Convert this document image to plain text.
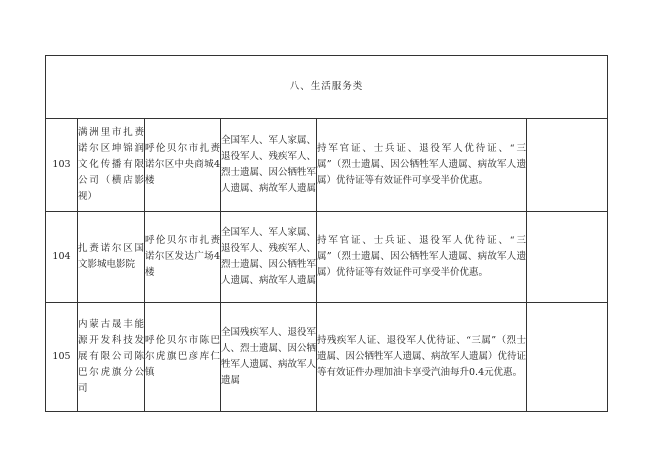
八、生活服务类					
103	满洲里市扎赉诺尔区坤锦润文化传播有限公司（横店影视）	呼伦贝尔市扎赉诺尔区中央商城4楼	全国军人、军人家属、退役军人、残疾军人、烈士遗属、因公牺牲军人遗属、病故军人遗属	持军官证、士兵证、退役军人优待证、“三属”（烈士遗属、因公牺牲军人遗属、病故军人遗属）优待证等有效证件可享受半价优惠。	
104	扎赉诺尔区国文影城电影院	呼伦贝尔市扎赉诺尔区发达广场4楼	全国军人、军人家属、退役军人、残疾军人、烈士遗属、因公牺牲军人遗属、病故军人遗属	持军官证、士兵证、退役军人优待证、“三属”（烈士遗属、因公牺牲军人遗属、病故军人遗属）优待证等有效证件可享受半价优惠。	
105	内蒙古晟丰能源开发科技发展有限公司陈巴尔虎旗分公司	呼伦贝尔市陈巴尔虎旗巴彦库仁镇	全国残疾军人、退役军人、烈士遗属、因公牺牲军人遗属、病故军人遗属	持残疾军人证、退役军人优待证、“三属”（烈士遗属、因公牺牲军人遗属、病故军人遗属）优待证等有效证件办理加油卡享受汽油每升0.4元优惠。	
